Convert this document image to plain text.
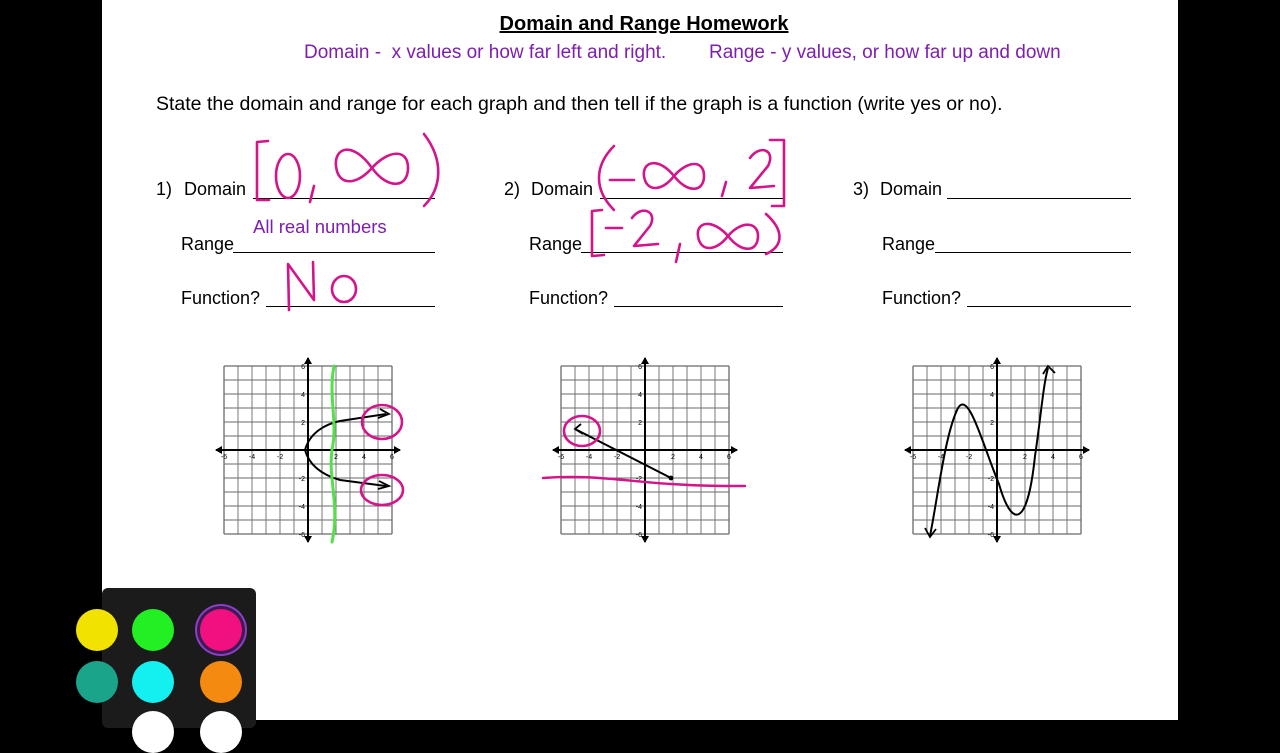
Domain and Range Homework
Domain -  x values or how far left and right. Range - y values, or how far up and down
State the domain and range for each graph and then tell if the graph is a function (write yes or no).
1) Domain
Range
Function?
All real numbers
2) Domain
Range
Function?
3) Domain
Range
Function?
-6	-4	-2	2	4	6
6
4
2
-2
-4
-6
-6	-4	-2	2	4	6
6
4
2
-2
-4
-6
-6	-4	-2	2	4	6
6
4
2
-2
-4
-6
